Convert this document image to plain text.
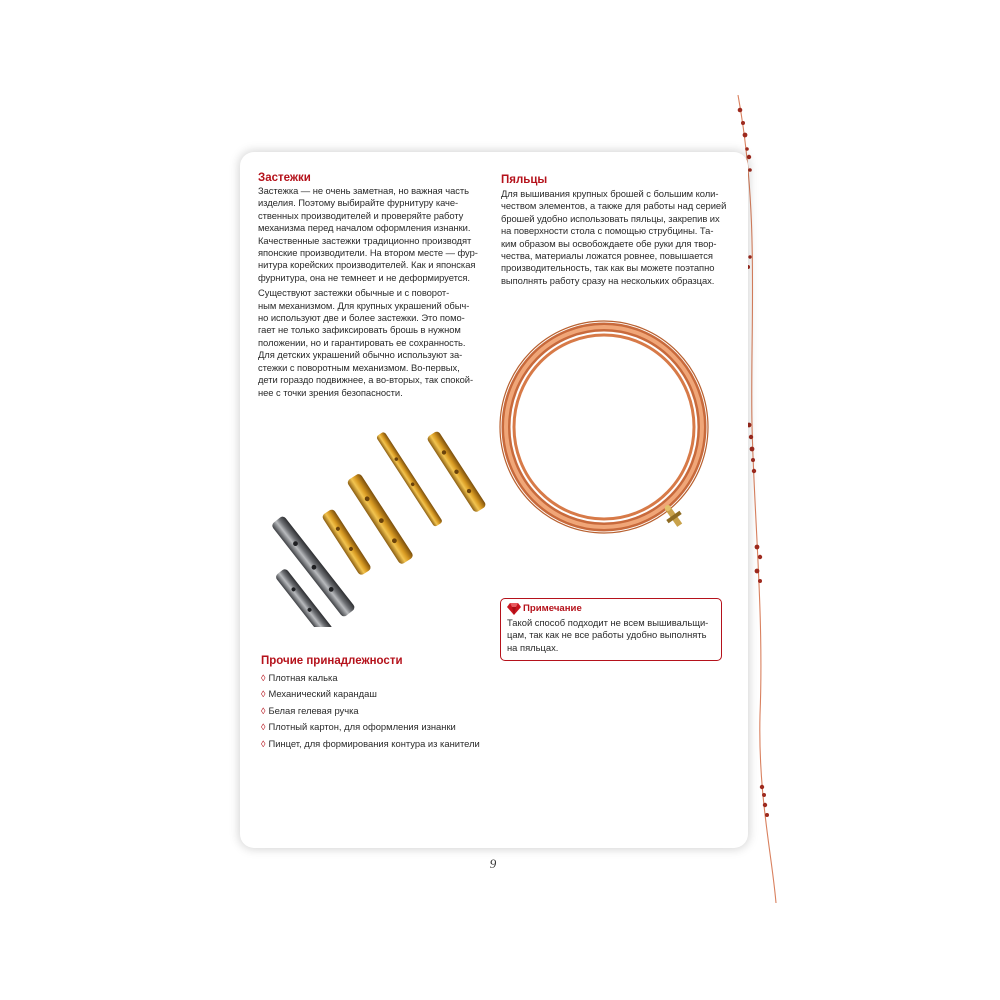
Застежки
Застежка — не очень заметная, но важная часть
изделия. Поэтому выбирайте фурнитуру каче-
ственных производителей и проверяйте работу
механизма перед началом оформления изнанки.
Качественные застежки традиционно производят
японские производители. На втором месте — фур-
нитура корейских производителей. Как и японская
фурнитура, она не темнеет и не деформируется.
Существуют застежки обычные и с поворот-
ным механизмом. Для крупных украшений обыч-
но используют две и более застежки. Это помо-
гает не только зафиксировать брошь в нужном
положении, но и гарантировать ее сохранность.
Для детских украшений обычно используют за-
стежки с поворотным механизмом. Во-первых,
дети гораздо подвижнее, а во-вторых, так спокой-
нее с точки зрения безопасности.
Прочие принадлежности
◊ Плотная калька
◊ Механический карандаш
◊ Белая гелевая ручка
◊ Плотный картон, для оформления изнанки
◊ Пинцет, для формирования контура из канители
Пяльцы
Для вышивания крупных брошей с большим коли-
чеством элементов, а также для работы над серией
брошей удобно использовать пяльцы, закрепив их
на поверхности стола с помощью струбцины. Та-
ким образом вы освобождаете обе руки для твор-
чества, материалы ложатся ровнее, повышается
производительность, так как вы можете поэтапно
выполнять работу сразу на нескольких образцах.
Примечание
Такой способ подходит не всем вышивальщи-
цам, так как не все работы удобно выполнять
на пяльцах.
9
